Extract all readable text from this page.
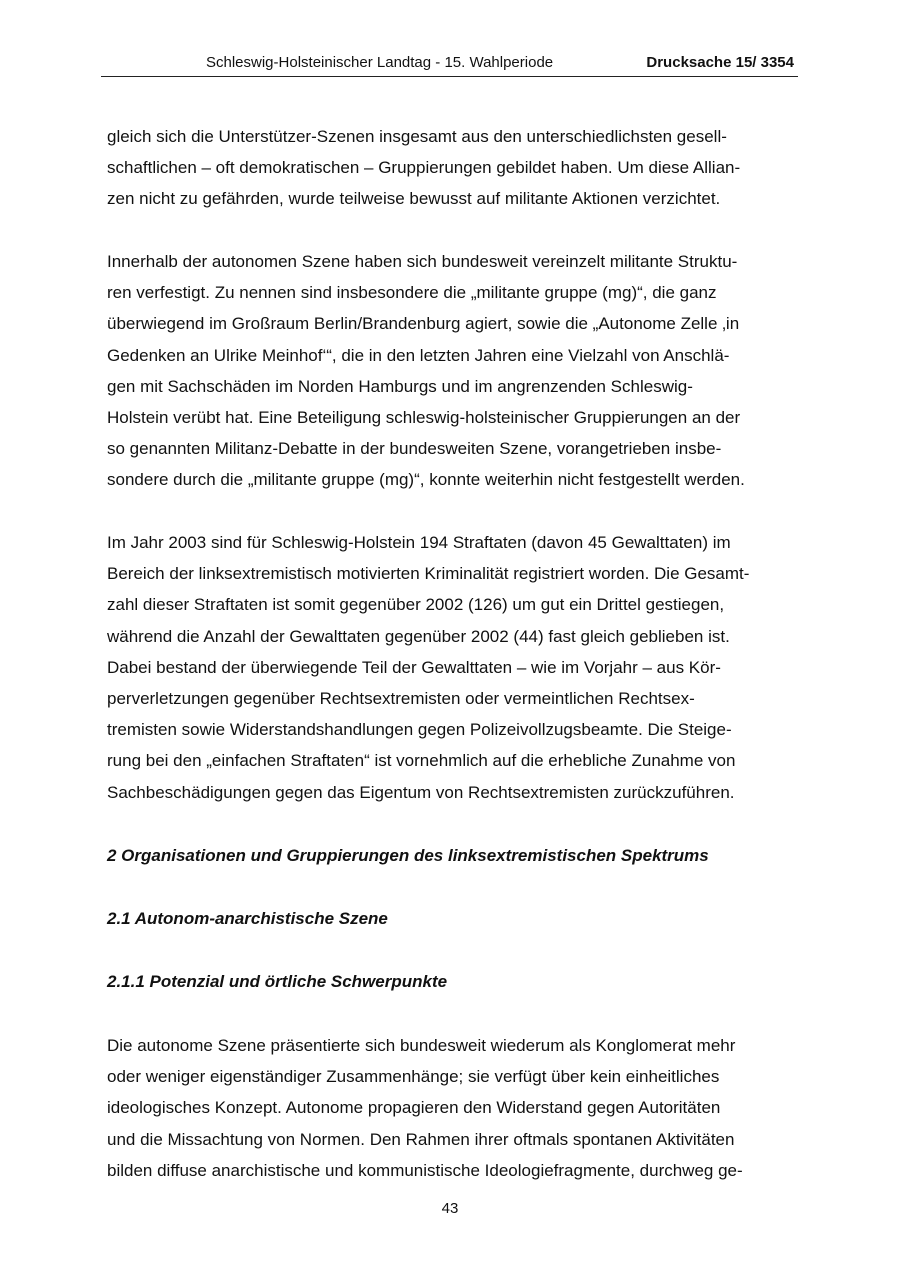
Schleswig-Holsteinischer Landtag - 15. Wahlperiode	Drucksache 15/ 3354

gleich sich die Unterstützer-Szenen insgesamt aus den unterschiedlichsten gesell-
schaftlichen – oft demokratischen – Gruppierungen gebildet haben. Um diese Allian-
zen nicht zu gefährden, wurde teilweise bewusst auf militante Aktionen verzichtet.

Innerhalb der autonomen Szene haben sich bundesweit vereinzelt militante Struktu-
ren verfestigt. Zu nennen sind insbesondere die „militante gruppe (mg)“, die ganz
überwiegend im Großraum Berlin/Brandenburg agiert, sowie die „Autonome Zelle ‚in
Gedenken an Ulrike Meinhof‘“, die in den letzten Jahren eine Vielzahl von Anschlä-
gen mit Sachschäden im Norden Hamburgs und im angrenzenden Schleswig-
Holstein verübt hat. Eine Beteiligung schleswig-holsteinischer Gruppierungen an der
so genannten Militanz-Debatte in der bundesweiten Szene, vorangetrieben insbe-
sondere durch die „militante gruppe (mg)“, konnte weiterhin nicht festgestellt werden.

Im Jahr 2003 sind für Schleswig-Holstein 194 Straftaten (davon 45 Gewalttaten) im
Bereich der linksextremistisch motivierten Kriminalität registriert worden. Die Gesamt-
zahl dieser Straftaten ist somit gegenüber 2002 (126) um gut ein Drittel gestiegen,
während die Anzahl der Gewalttaten gegenüber 2002 (44) fast gleich geblieben ist.
Dabei bestand der überwiegende Teil der Gewalttaten – wie im Vorjahr – aus Kör-
perverletzungen gegenüber Rechtsextremisten oder vermeintlichen Rechtsex-
tremisten sowie Widerstandshandlungen gegen Polizeivollzugsbeamte. Die Steige-
rung bei den „einfachen Straftaten“ ist vornehmlich auf die erhebliche Zunahme von
Sachbeschädigungen gegen das Eigentum von Rechtsextremisten zurückzuführen.

2 Organisationen und Gruppierungen des linksextremistischen Spektrums

2.1 Autonom-anarchistische Szene

2.1.1 Potenzial und örtliche Schwerpunkte

Die autonome Szene präsentierte sich bundesweit wiederum als Konglomerat mehr
oder weniger eigenständiger Zusammenhänge; sie verfügt über kein einheitliches
ideologisches Konzept. Autonome propagieren den Widerstand gegen Autoritäten
und die Missachtung von Normen. Den Rahmen ihrer oftmals spontanen Aktivitäten
bilden diffuse anarchistische und kommunistische Ideologiefragmente, durchweg ge-

43
